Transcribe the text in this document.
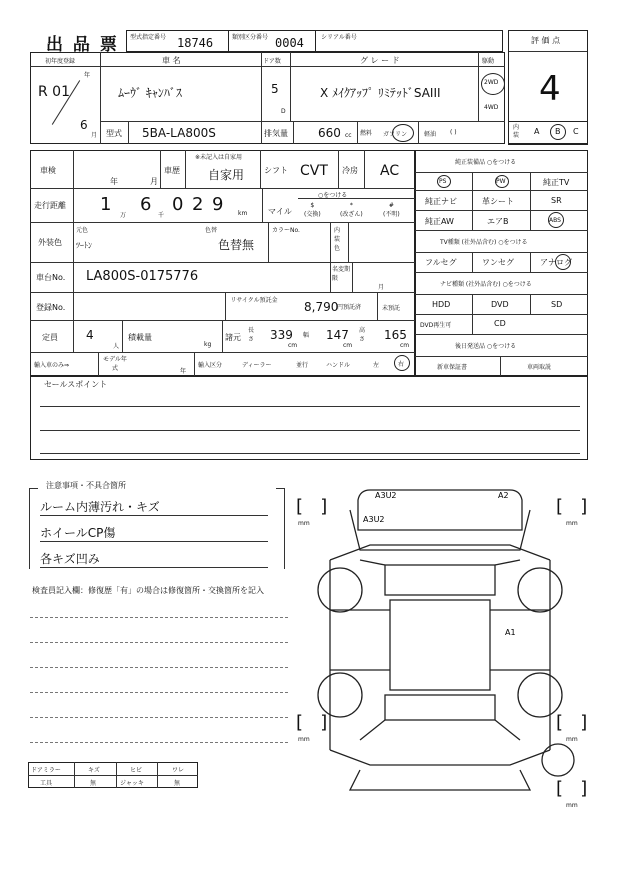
出 品 票 型式指定番号 18746	類別区分番号 0004	シリアル番号	評 価 点
4
初年度登録	車 名	ドア数	グ レ ー ド	駆動
R 01
年
6
月
ﾑｰｳﾞ ｷｬﾝﾊﾞｽ	5
D
X ﾒｲｸｱｯﾌﾟ ﾘﾐﾃｯﾄﾞSAIII
2WD
4WD
型式 5BA-LA800S	排気量	660 cc 燃料 ガソリン	軽油 ( )
内装 A B C
車検
年	月
車歴
※未記入は自家用
自家用 シフト CVT 冷房 AC
走行距離 1
万
6
千
0 2 9 km	マイル
○をつける
$
(交換)
*
(改ざん)
#
(不明)
外装色
元色
ﾂｰﾄﾝ
色替
色替無
カラーNo.	内装色
車台No. LA800S-0175776	名変期限
月
登録No.
リサイクル預託金 8,790
円預託済	未預託
定員 4
人
積載量
kg
諸元
長さ 339
cm
幅 147
cm
高さ 165
cm
輸入車のみ⇒
モデル年式	年
輸入区分	ディーラー	並行	ハンドル	左	右
純正装備品 ○をつける
PS	PW	純正TV
純正ナビ	革シート	SR
純正AW	エアB	ABS
TV種類 (社外品含む) ○をつける
フルセグ	ワンセグ	アナログ
ナビ種類 (社外品含む) ○をつける
HDD	DVD	SD
DVD再生可	CD
後日発送品 ○をつける
新車保証書	車両取説
セールスポイント
注意事項・不具合箇所
ルーム内薄汚れ・キズ
ホイールCP傷
各キズ凹み
検査員記入欄：修復歴「有」の場合は修復箇所・交換箇所を記入
ドアミラー	キズ	ヒビ	ワレ
工具	無	ジャッキ	無
A3U2	A2
A3U2
A1
[   ]
mm
[   ]
mm
[   ]
mm
[   ]
mm
[   ]
mm
